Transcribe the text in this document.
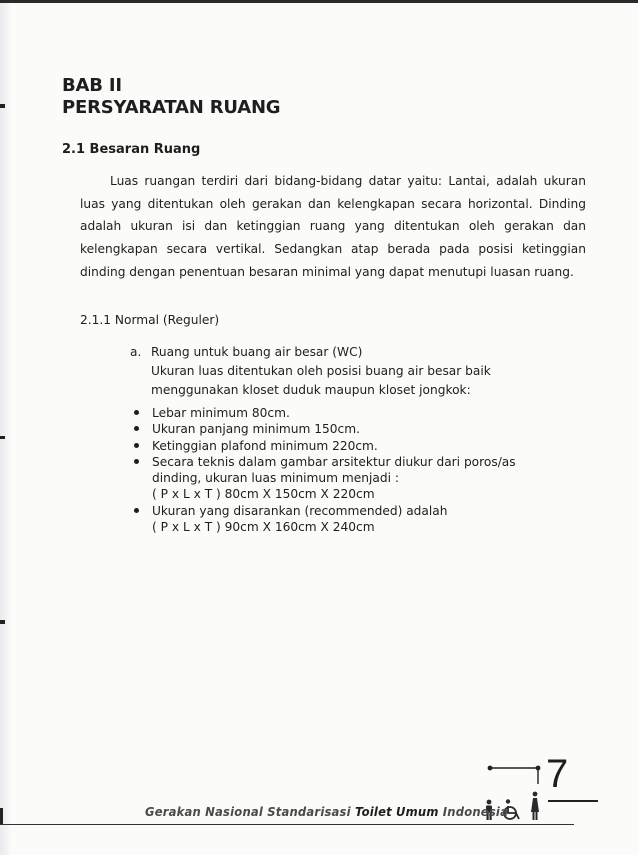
BAB II
PERSYARATAN RUANG
2.1 Besaran Ruang

Luas ruangan terdiri dari bidang-bidang datar yaitu: Lantai, adalah ukuran luas yang ditentukan oleh gerakan dan kelengkapan secara horizontal. Dinding adalah ukuran isi dan ketinggian ruang yang ditentukan oleh gerakan dan kelengkapan secara vertikal. Sedangkan atap berada pada posisi ketinggian dinding dengan penentuan besaran minimal yang dapat menutupi luasan ruang.

2.1.1 Normal (Reguler)
a. Ruang untuk buang air besar (WC)
Ukuran luas ditentukan oleh posisi buang air besar baik
menggunakan kloset duduk maupun kloset jongkok:
Lebar minimum 80cm.
Ukuran panjang minimum 150cm.
Ketinggian plafond minimum 220cm.
Secara teknis dalam gambar arsitektur diukur dari poros/as
dinding, ukuran luas minimum menjadi :
( P x L x T ) 80cm X 150cm X 220cm
Ukuran yang disarankan (recommended) adalah
( P x L x T ) 90cm X 160cm X 240cm
7
Gerakan Nasional Standarisasi Toilet Umum Indonesia
